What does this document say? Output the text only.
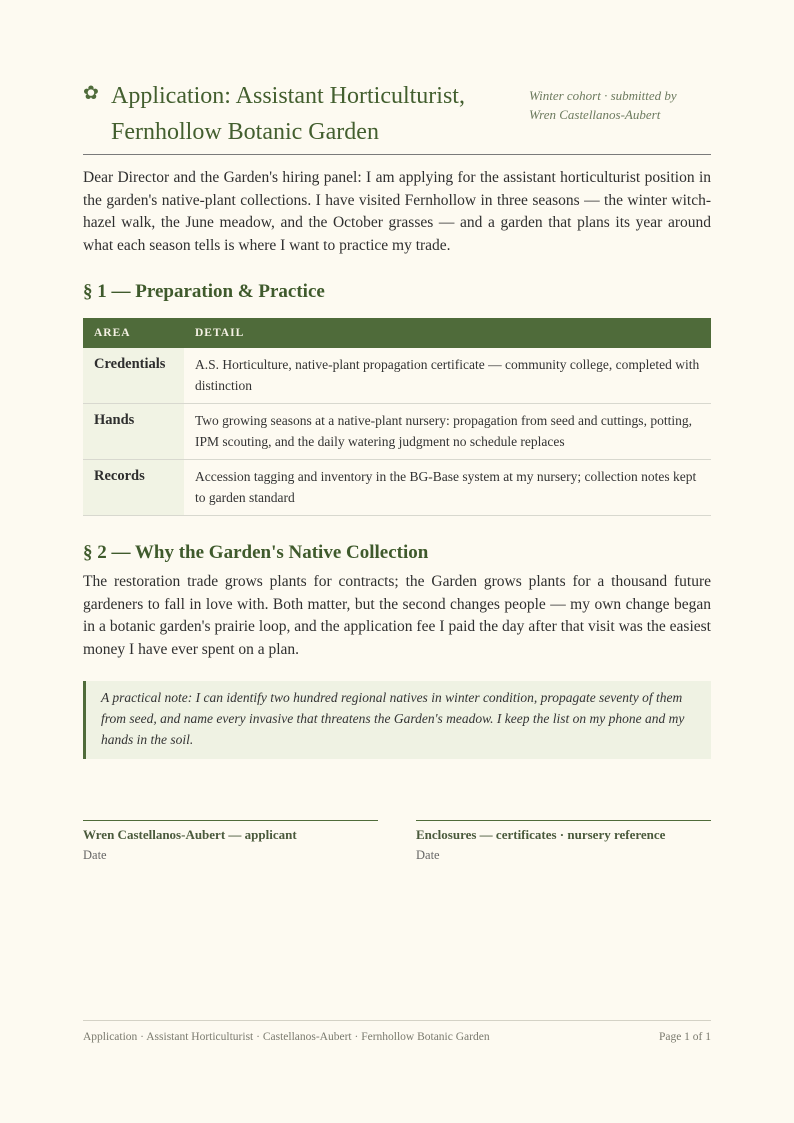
✿ Application: Assistant Horticulturist, Fernhollow Botanic Garden
Winter cohort · submitted by
Wren Castellanos-Aubert

Dear Director and the Garden's hiring panel: I am applying for the assistant horticulturist position in the garden's native-plant collections. I have visited Fernhollow in three seasons — the winter witch-hazel walk, the June meadow, and the October grasses — and a garden that plans its year around what each season tells is where I want to practice my trade.

§ 1 — Preparation & Practice
AREA	DETAIL
Credentials	A.S. Horticulture, native-plant propagation certificate — community college, completed with distinction
Hands	Two growing seasons at a native-plant nursery: propagation from seed and cuttings, potting, IPM scouting, and the daily watering judgment no schedule replaces
Records	Accession tagging and inventory in the BG-Base system at my nursery; collection notes kept to garden standard
§ 2 — Why the Garden's Native Collection

The restoration trade grows plants for contracts; the Garden grows plants for a thousand future gardeners to fall in love with. Both matter, but the second changes people — my own change began in a botanic garden's prairie loop, and the application fee I paid the day after that visit was the easiest money I have ever spent on a plan.

A practical note: I can identify two hundred regional natives in winter condition, propagate seventy of them from seed, and name every invasive that threatens the Garden's meadow. I keep the list on my phone and my hands in the soil.
Wren Castellanos-Aubert — applicant
Date
Enclosures — certificates · nursery reference
Date
Application · Assistant Horticulturist · Castellanos-Aubert · Fernhollow Botanic Garden	Page 1 of 1
